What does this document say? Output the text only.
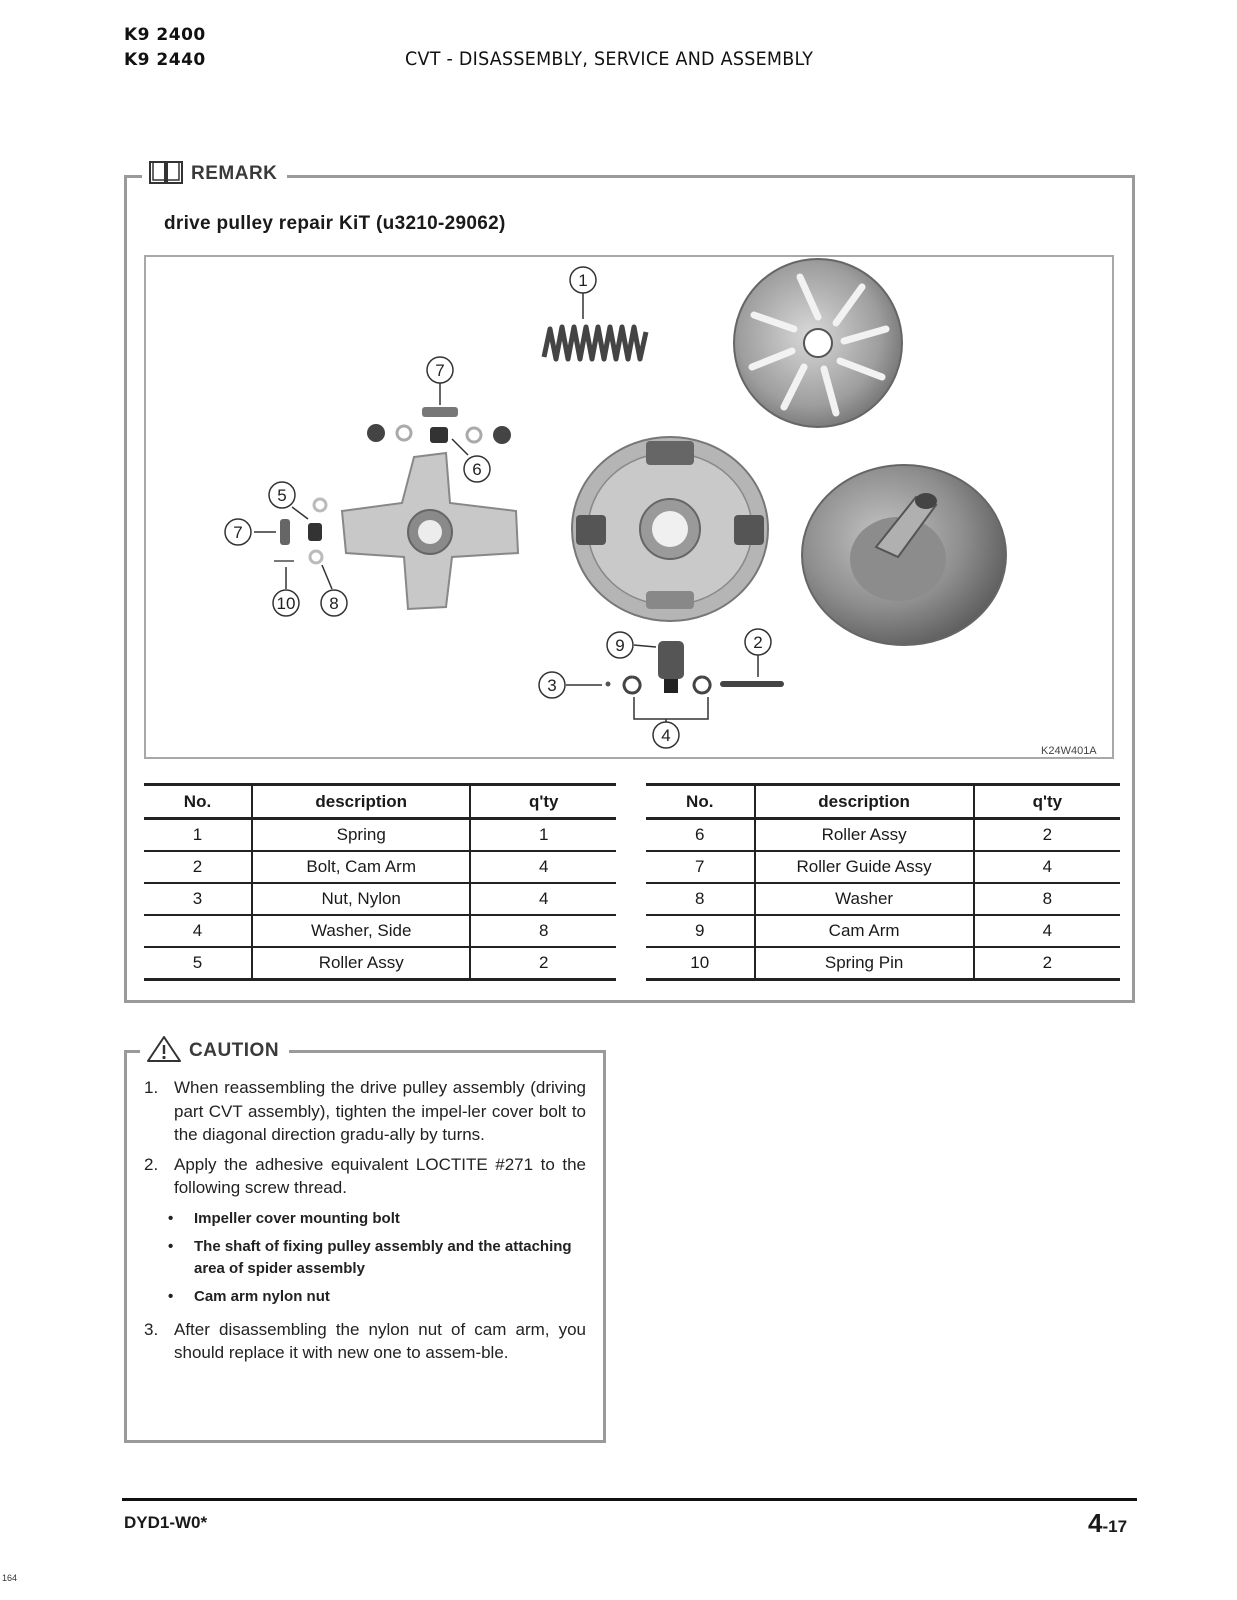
K9 2400
K9 2440	CVT - DISASSEMBLY, SERVICE AND ASSEMBLY
REMARK
drive pulley repair KiT (u3210-29062)
1
7
6
5
7
10 8
9
3
2
4
K24W401A
No.	description	q'ty
1	Spring	1
2	Bolt, Cam Arm	4
3	Nut, Nylon	4
4	Washer, Side	8
5	Roller Assy	2
No.	description	q'ty
6	Roller Assy	2
7	Roller Guide Assy	4
8	Washer	8
9	Cam Arm	4
10	Spring Pin	2
CAUTION
1. When reassembling the drive pulley assembly (driving part CVT assembly), tighten the impel-ler cover bolt to the diagonal direction gradu-ally by turns.
2. Apply the adhesive equivalent LOCTITE #271 to the following screw thread.
•	Impeller cover mounting bolt
•	The shaft of fixing pulley assembly and the attaching area of spider assembly
•	Cam arm nylon nut
3. After disassembling the nylon nut of cam arm, you should replace it with new one to assem-ble.
DYD1-W0*	4-17
164
